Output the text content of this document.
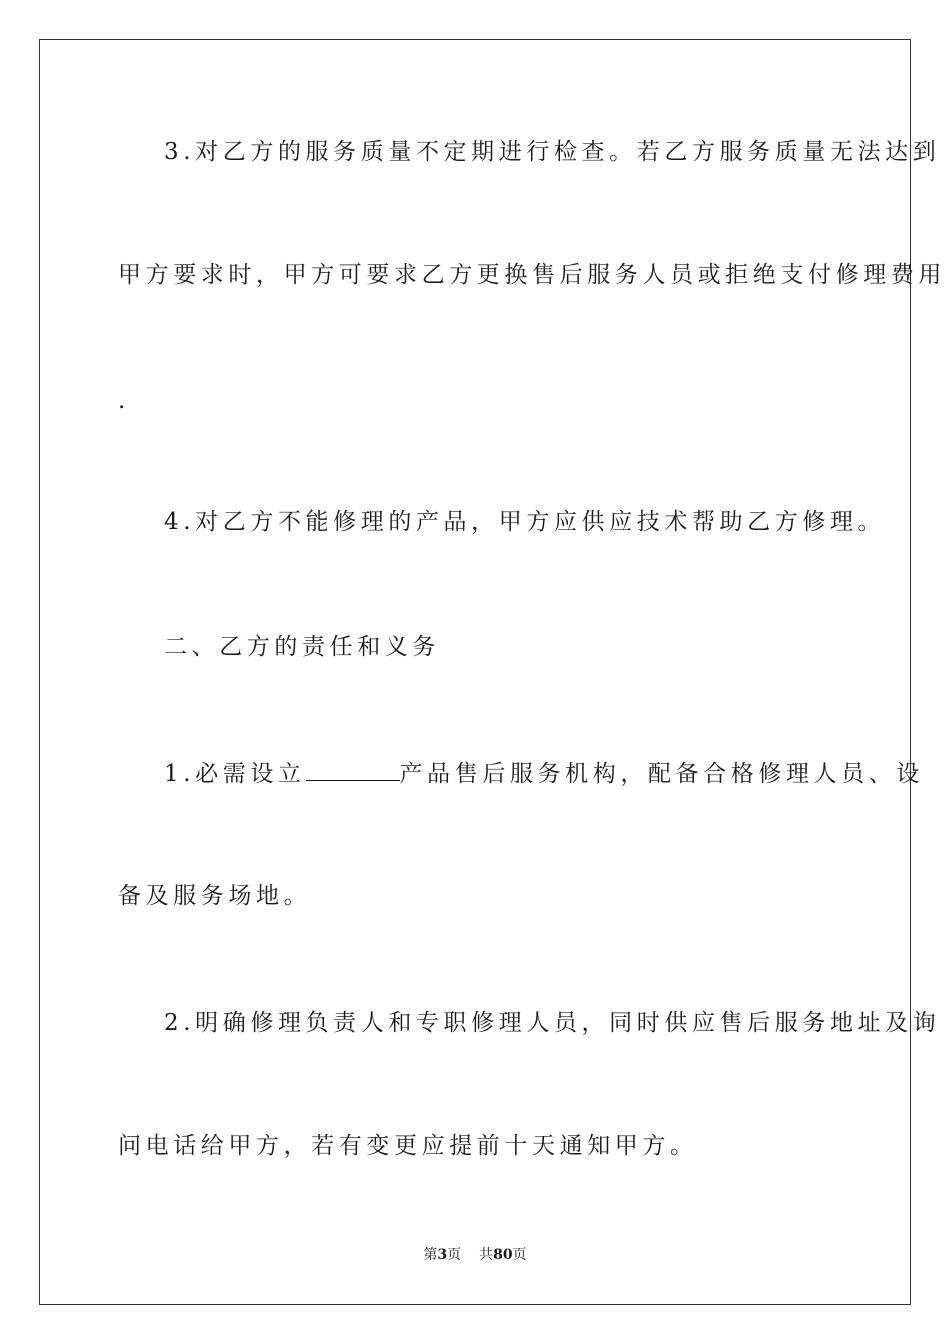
3.对乙方的服务质量不定期进行检查。若乙方服务质量无法达到
甲方要求时，甲方可要求乙方更换售后服务人员或拒绝支付修理费用
.
4.对乙方不能修理的产品，甲方应供应技术帮助乙方修理。
二、乙方的责任和义务
1.必需设立	产品售后服务机构，配备合格修理人员、设
备及服务场地。
2.明确修理负责人和专职修理人员，同时供应售后服务地址及询
问电话给甲方，若有变更应提前十天通知甲方。
第3页 共80页
